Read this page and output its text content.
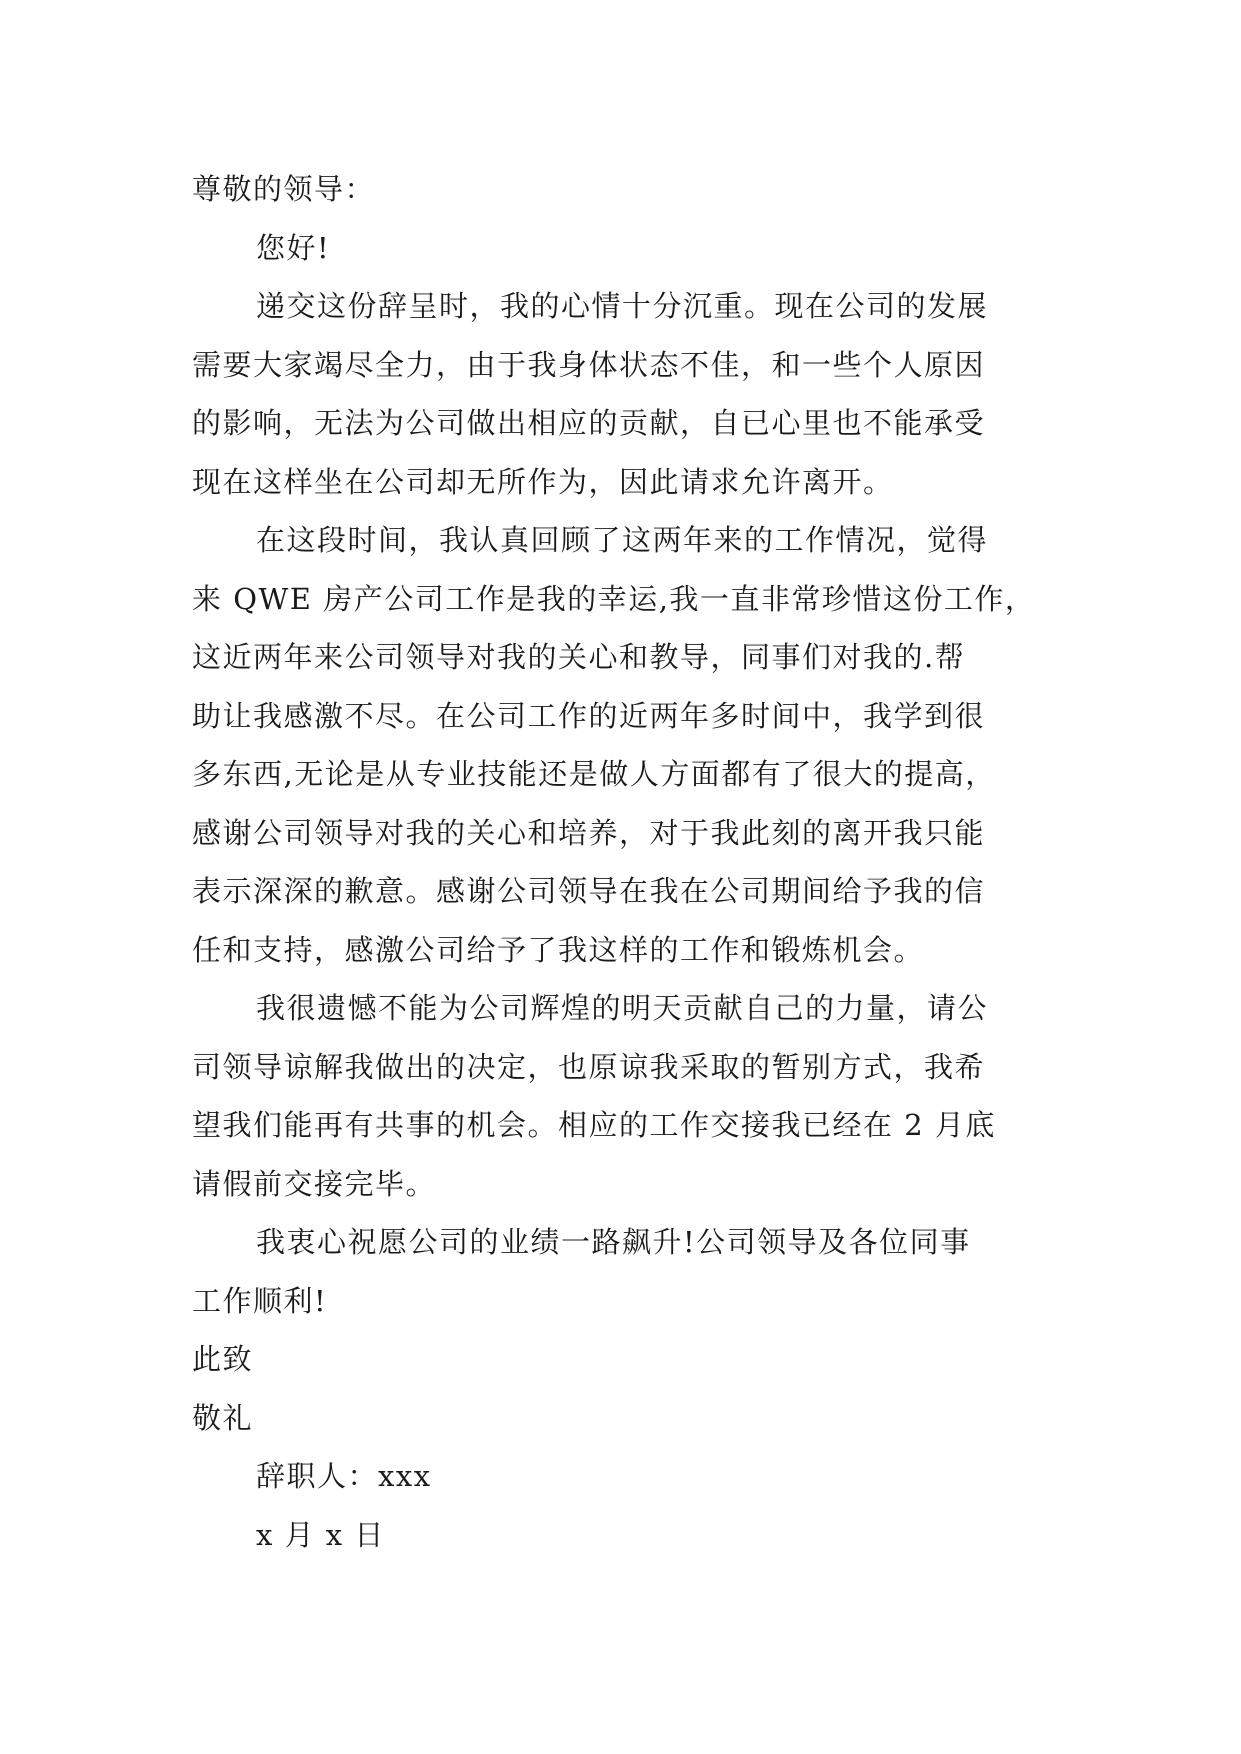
尊敬的领导：
您好!
递交这份辞呈时，我的心情十分沉重。现在公司的发展
需要大家竭尽全力，由于我身体状态不佳，和一些个人原因
的影响，无法为公司做出相应的贡献，自已心里也不能承受
现在这样坐在公司却无所作为，因此请求允许离开。
在这段时间，我认真回顾了这两年来的工作情况，觉得
来 QWE 房产公司工作是我的幸运,我一直非常珍惜这份工作，
这近两年来公司领导对我的关心和教导，同事们对我的.帮
助让我感激不尽。在公司工作的近两年多时间中，我学到很
多东西,无论是从专业技能还是做人方面都有了很大的提高，
感谢公司领导对我的关心和培养，对于我此刻的离开我只能
表示深深的歉意。感谢公司领导在我在公司期间给予我的信
任和支持，感激公司给予了我这样的工作和锻炼机会。
我很遗憾不能为公司辉煌的明天贡献自己的力量，请公
司领导谅解我做出的决定，也原谅我采取的暂别方式，我希
望我们能再有共事的机会。相应的工作交接我已经在 2 月底
请假前交接完毕。
我衷心祝愿公司的业绩一路飙升!公司领导及各位同事
工作顺利!
此致
敬礼
辞职人：xxx
x 月 x 日
